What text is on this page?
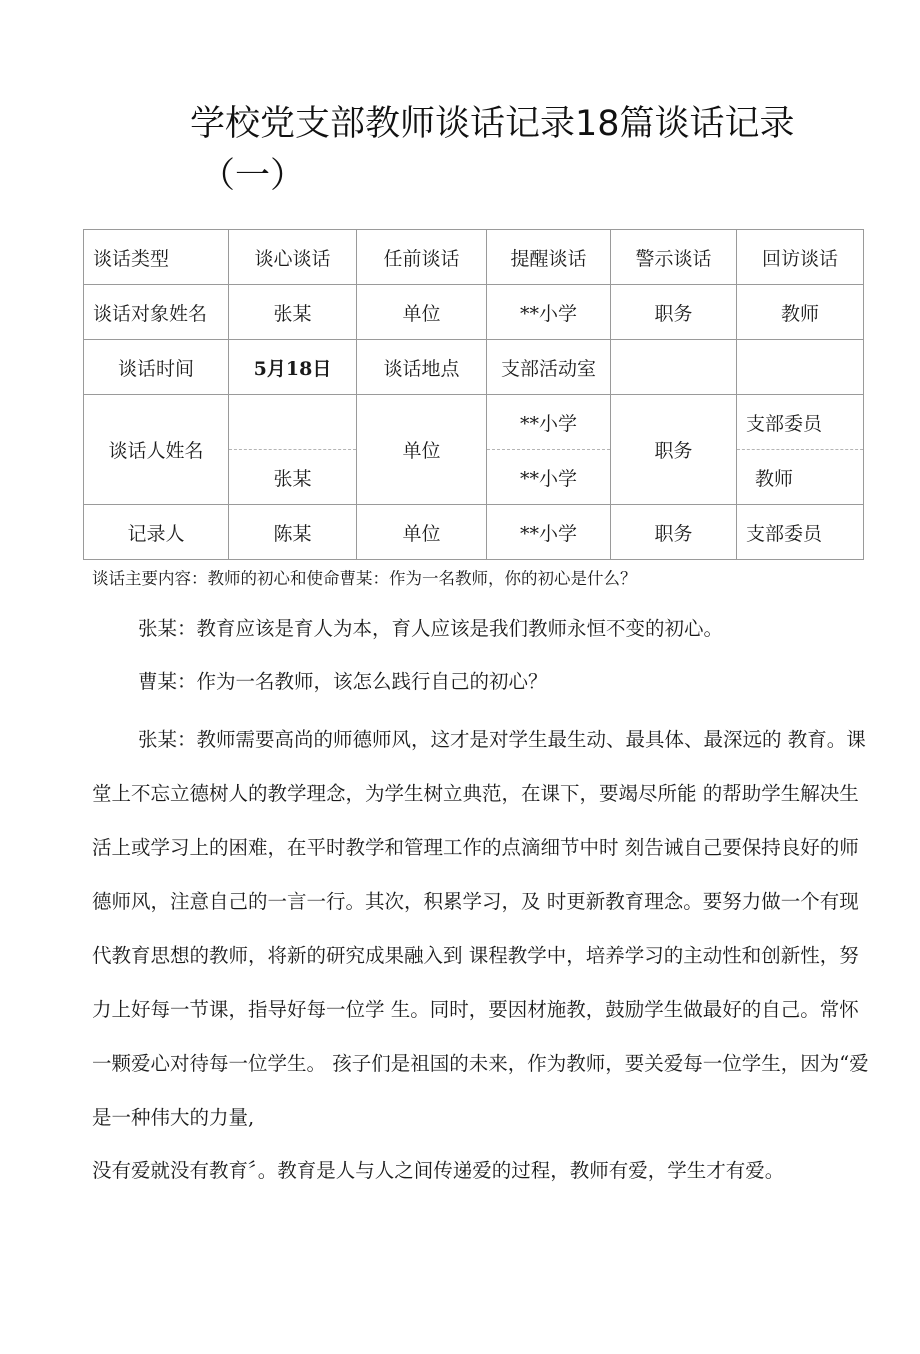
学校党支部教师谈话记录18篇谈话记录
（一）
谈话类型	谈心谈话	任前谈话	提醒谈话	警示谈话	回访谈话
谈话对象姓名	张某	单位	**小学	职务	教师
谈话时间	5月18日	谈话地点	支部活动室		
谈话人姓名		单位	**小学	职务	支部委员
	张某		**小学		教师
记录人	陈某	单位	**小学	职务	支部委员
谈话主要内容：教师的初心和使命曹某：作为一名教师，你的初心是什么？
张某：教育应该是育人为本，育人应该是我们教师永恒不变的初心。
曹某：作为一名教师，该怎么践行自己的初心？
张某：教师需要高尚的师德师风，这才是对学生最生动、最具体、最深远的 教育。课堂上不忘立德树人的教学理念，为学生树立典范，在课下，要竭尽所能 的帮助学生解决生活上或学习上的困难，在平时教学和管理工作的点滴细节中时 刻告诫自己要保持良好的师德师风，注意自己的一言一行。其次，积累学习，及 时更新教育理念。要努力做一个有现代教育思想的教师，将新的研究成果融入到 课程教学中，培养学习的主动性和创新性，努力上好每一节课，指导好每一位学 生。同时，要因材施教，鼓励学生做最好的自己。常怀一颗爱心对待每一位学生。 孩子们是祖国的未来，作为教师，要关爱每一位学生，因为“爱是一种伟大的力量,
没有爱就没有教育〞。教育是人与人之间传递爱的过程，教师有爱，学生才有爱。
